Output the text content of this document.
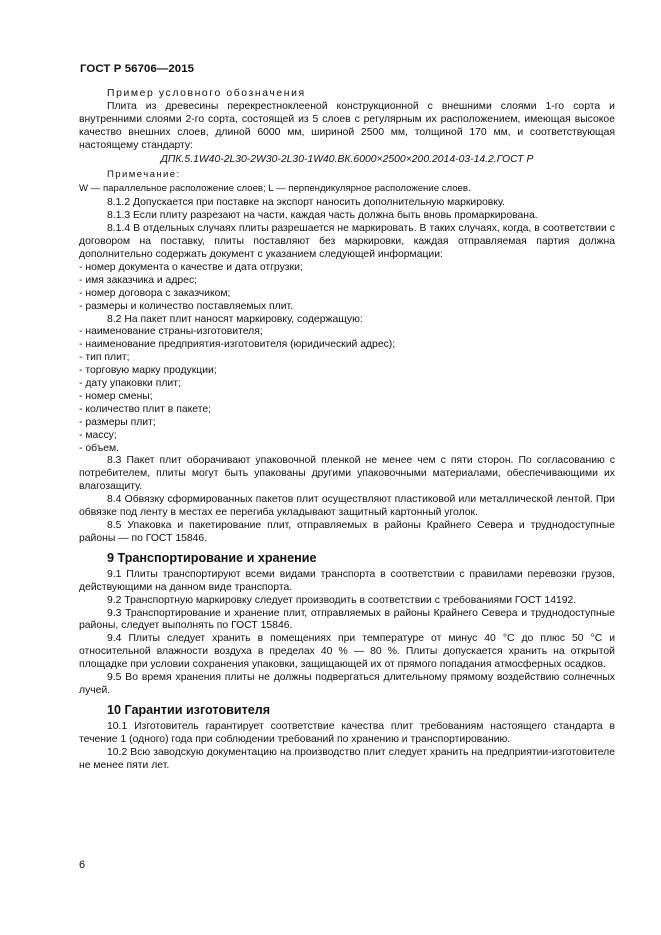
ГОСТ Р 56706—2015

Пример условного обозначения

Плита из древесины перекрестноклееной конструкционной с внешними слоями 1-го сорта и внутренними слоями 2-го сорта, состоящей из 5 слоев с регулярным их расположением, имеющая высокое качество внешних слоев, длиной 6000 мм, шириной 2500 мм, толщиной 170 мм, и соответствующая настоящему стандарту:

ДПК.5.1W40-2L30-2W30-2L30-1W40.ВК.6000×2500×200.2014-03-14.2.ГОСТ Р

Примечание:

W — параллельное расположение слоев; L — перпендикулярное расположение слоев.

8.1.2 Допускается при поставке на экспорт наносить дополнительную маркировку.

8.1.3 Если плиту разрезают на части, каждая часть должна быть вновь промаркирована.

8.1.4 В отдельных случаях плиты разрешается не маркировать. В таких случаях, когда, в соответствии с договором на поставку, плиты поставляют без маркировки, каждая отправляемая партия должна дополнительно содержать документ с указанием следующей информации:

- номер документа о качестве и дата отгрузки;

- имя заказчика и адрес;

- номер договора с заказчиком;

- размеры и количество поставляемых плит.

8.2 На пакет плит наносят маркировку, содержащую:

- наименование страны-изготовителя;

- наименование предприятия-изготовителя (юридический адрес);

- тип плит;

- торговую марку продукции;

- дату упаковки плит;

- номер смены;

- количество плит в пакете;

- размеры плит;

- массу;

- объем.

8.3 Пакет плит оборачивают упаковочной пленкой не менее чем с пяти сторон. По согласованию с потребителем, плиты могут быть упакованы другими упаковочными материалами, обеспечивающими их влагозащиту.

8.4 Обвязку сформированных пакетов плит осуществляют пластиковой или металлической лентой. При обвязке под ленту в местах ее перегиба укладывают защитный картонный уголок.

8.5 Упаковка и пакетирование плит, отправляемых в районы Крайнего Севера и труднодоступные районы — по ГОСТ 15846.

9 Транспортирование и хранение

9.1 Плиты транспортируют всеми видами транспорта в соответствии с правилами перевозки грузов, действующими на данном виде транспорта.

9.2 Транспортную маркировку следует производить в соответствии с требованиями ГОСТ 14192.

9.3 Транспортирование и хранение плит, отправляемых в районы Крайнего Севера и труднодоступные районы, следует выполнять по ГОСТ 15846.

9.4 Плиты следует хранить в помещениях при температуре от минус 40 °С до плюс 50 °С и относительной влажности воздуха в пределах 40 % — 80 %. Плиты допускается хранить на открытой площадке при условии сохранения упаковки, защищающей их от прямого попадания атмосферных осадков.

9.5 Во время хранения плиты не должны подвергаться длительному прямому воздействию солнечных лучей.

10 Гарантии изготовителя

10.1 Изготовитель гарантирует соответствие качества плит требованиям настоящего стандарта в течение 1 (одного) года при соблюдении требований по хранению и транспортированию.

10.2 Всю заводскую документацию на производство плит следует хранить на предприятии-изготовителе не менее пяти лет.

6
